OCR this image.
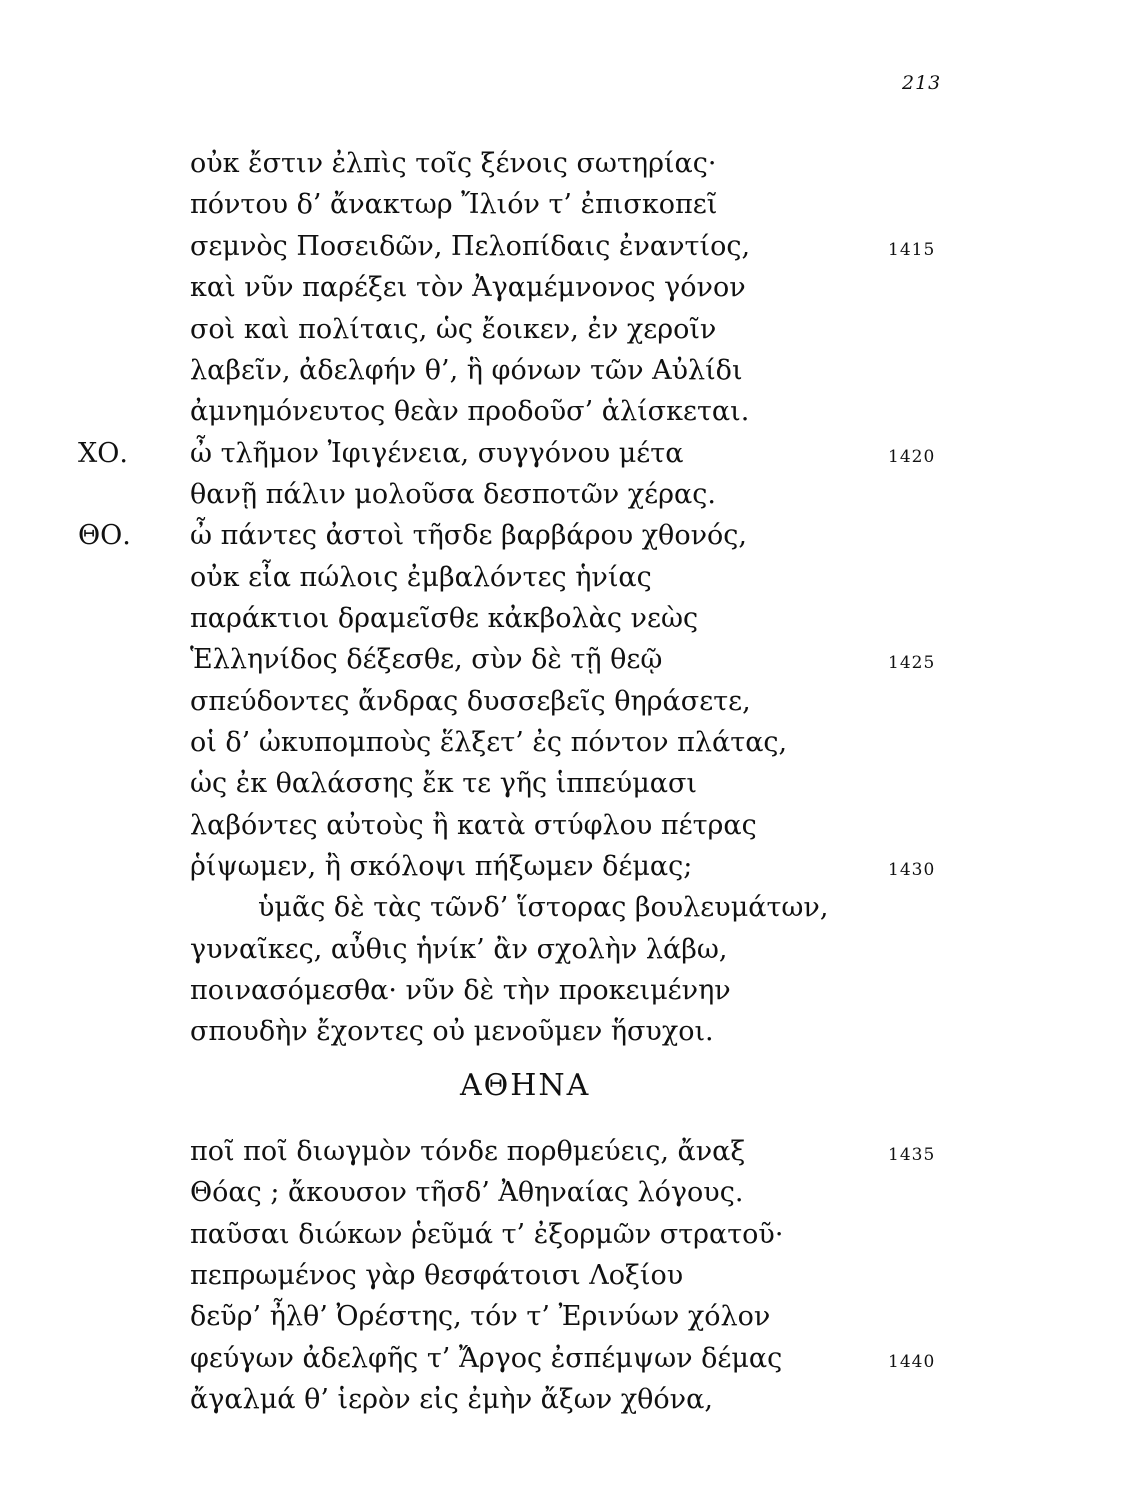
213
ΧΟ.
ΘΟ.
οὐκ ἔστιν ἐλπὶς τοῖς ξένοις σωτηρίας·
πόντου δ’ ἄνακτωρ Ἴλιόν τ’ ἐπισκοπεῖ
σεμνὸς Ποσειδῶν, Πελοπίδαις ἐναντίος,
καὶ νῦν παρέξει τὸν Ἀγαμέμνονος γόνον
σοὶ καὶ πολίταις, ὡς ἔοικεν, ἐν χεροῖν
λαβεῖν, ἀδελφήν θ’, ἣ φόνων τῶν Αὐλίδι
ἀμνημόνευτος θεὰν προδοῦσ’ ἁλίσκεται.
ὦ τλῆμον Ἰφιγένεια, συγγόνου μέτα
θανῇ πάλιν μολοῦσα δεσποτῶν χέρας.
ὦ πάντες ἀστοὶ τῆσδε βαρβάρου χθονός,
οὐκ εἶα πώλοις ἐμβαλόντες ἡνίας
παράκτιοι δραμεῖσθε κἀκβολὰς νεὼς
Ἑλληνίδος δέξεσθε, σὺν δὲ τῇ θεῷ
σπεύδοντες ἄνδρας δυσσεβεῖς θηράσετε,
οἱ δ’ ὠκυπομποὺς ἕλξετ’ ἐς πόντον πλάτας,
ὡς ἐκ θαλάσσης ἔκ τε γῆς ἱππεύμασι
λαβόντες αὐτοὺς ἢ κατὰ στύφλου πέτρας
ῥίψωμεν, ἢ σκόλοψι πήξωμεν δέμας;
ὑμᾶς δὲ τὰς τῶνδ’ ἵστορας βουλευμάτων,
γυναῖκες, αὖθις ἡνίκ’ ἂν σχολὴν λάβω,
ποινασόμεσθα· νῦν δὲ τὴν προκειμένην
σπουδὴν ἔχοντες οὐ μενοῦμεν ἥσυχοι.
ΑΘΗΝΑ
ποῖ ποῖ διωγμὸν τόνδε πορθμεύεις, ἄναξ
Θόας ; ἄκουσον τῆσδ’ Ἀθηναίας λόγους.
παῦσαι διώκων ῥεῦμά τ’ ἐξορμῶν στρατοῦ·
πεπρωμένος γὰρ θεσφάτοισι Λοξίου
δεῦρ’ ἦλθ’ Ὀρέστης, τόν τ’ Ἐρινύων χόλον
φεύγων ἀδελφῆς τ’ Ἄργος ἐσπέμψων δέμας
ἄγαλμά θ’ ἱερὸν εἰς ἐμὴν ἄξων χθόνα,
1415
1420
1425
1430
1435
1440
